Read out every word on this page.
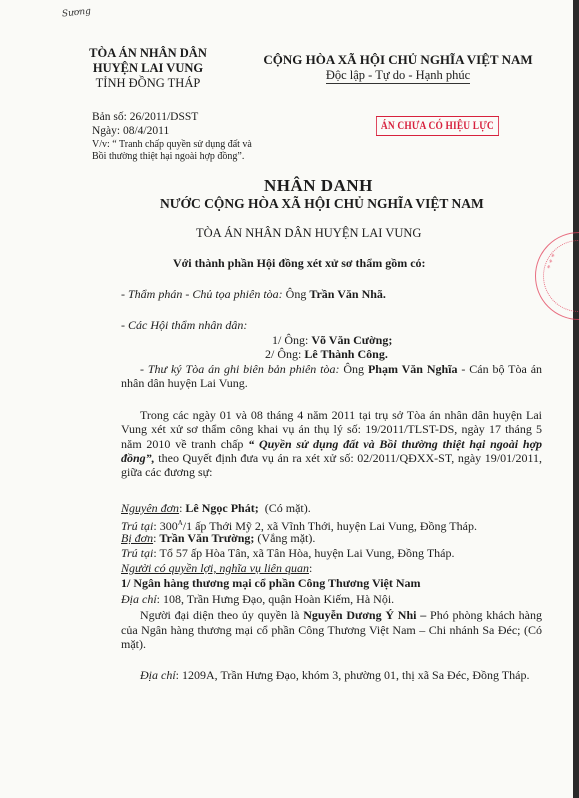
Sương
TÒA ÁN NHÂN DÂN
HUYỆN LAI VUNG
TỈNH ĐỒNG THÁP
CỘNG HÒA XÃ HỘI CHỦ NGHĨA VIỆT NAM
Độc lập - Tự do - Hạnh phúc
Bản số: 26/2011/DSST
Ngày: 08/4/2011
V/v: “ Tranh chấp quyền sử dụng đất và Bồi thường thiệt hại ngoài hợp đồng”.
ÁN CHƯA CÓ HIỆU LỰC
* * *
NHÂN DANH
NƯỚC CỘNG HÒA XÃ HỘI CHỦ NGHĨA VIỆT NAM
TÒA ÁN NHÂN DÂN HUYỆN LAI VUNG
Với thành phần Hội đồng xét xử sơ thẩm gồm có:
- Thẩm phán - Chủ tọa phiên tòa: Ông Trần Văn Nhã.
- Các Hội thẩm nhân dân:
1/ Ông: Võ Văn Cường;
2/ Ông: Lê Thành Công.
- Thư ký Tòa án ghi biên bản phiên tòa: Ông Phạm Văn Nghĩa - Cán bộ Tòa án nhân dân huyện Lai Vung.
Trong các ngày 01 và 08 tháng 4 năm 2011 tại trụ sở Tòa án nhân dân huyện Lai Vung xét xử sơ thẩm công khai vụ án thụ lý số: 19/2011/TLST-DS, ngày 17 tháng 5 năm 2010 về tranh chấp “ Quyền sử dụng đất và Bồi thường thiệt hại ngoài hợp đồng”, theo Quyết định đưa vụ án ra xét xử số: 02/2011/QĐXX-ST, ngày 19/01/2011, giữa các đương sự:
Nguyên đơn: Lê Ngọc Phát; (Có mặt).
Trú tại: $300^A/1$ ấp Thới Mỹ 2, xã Vĩnh Thới, huyện Lai Vung, Đồng Tháp.
Bị đơn: Trần Văn Trường; (Vắng mặt).
Trú tại: Tổ 57 ấp Hòa Tân, xã Tân Hòa, huyện Lai Vung, Đồng Tháp.
Người có quyền lợi, nghĩa vụ liên quan:
1/ Ngân hàng thương mại cổ phần Công Thương Việt Nam
Địa chỉ: 108, Trần Hưng Đạo, quận Hoàn Kiếm, Hà Nội.
Người đại diện theo ủy quyền là Nguyễn Dương Ý Nhi – Phó phòng khách hàng của Ngân hàng thương mại cổ phần Công Thương Việt Nam – Chi nhánh Sa Đéc; (Có mặt).
Địa chỉ: 1209A, Trần Hưng Đạo, khóm 3, phường 01, thị xã Sa Đéc, Đồng Tháp.
